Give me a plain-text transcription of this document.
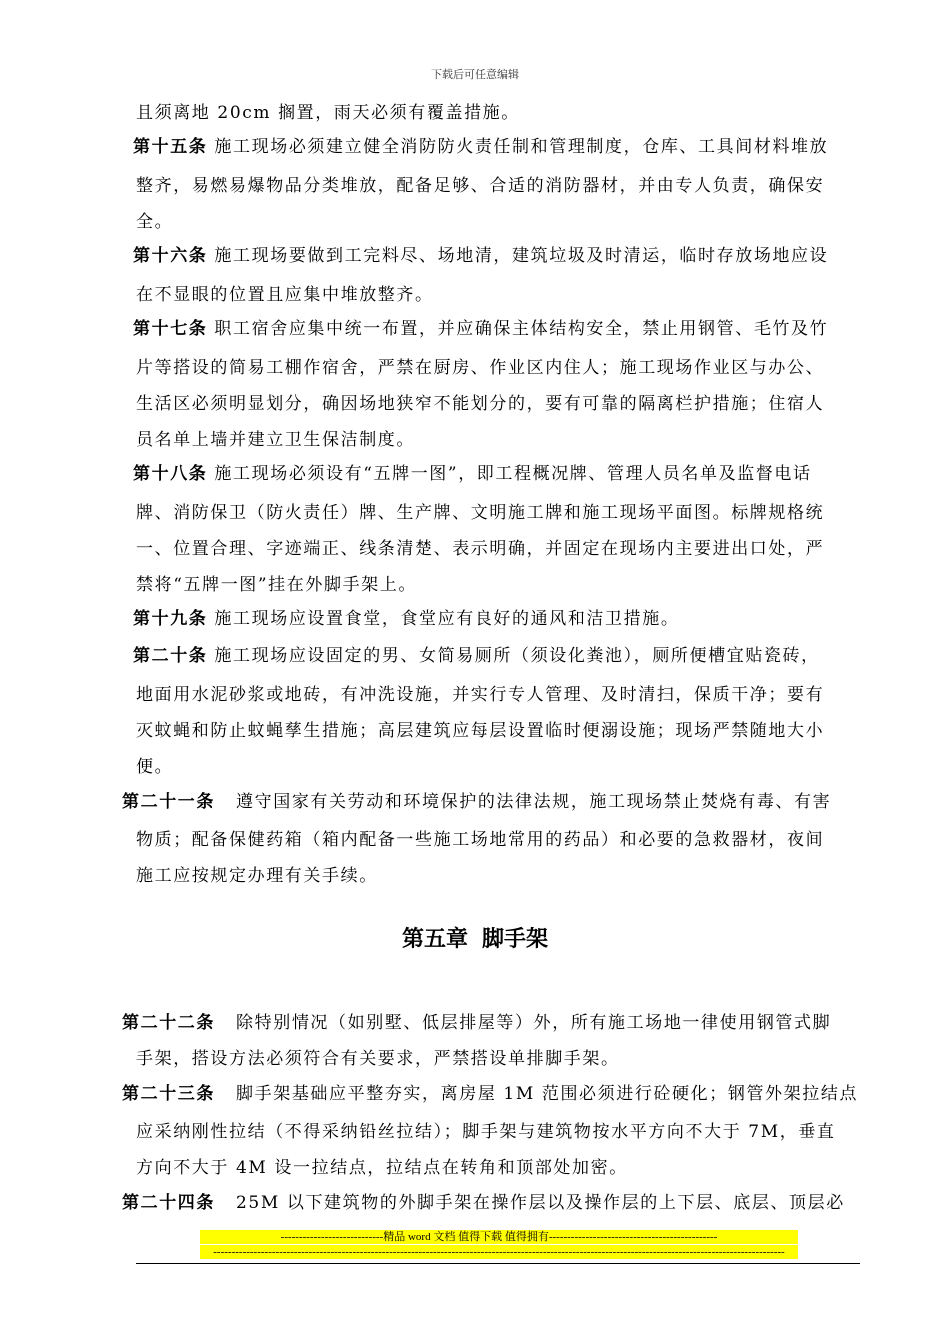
下载后可任意编辑
且须离地 20cm 搁置，雨天必须有覆盖措施。
第十五条 施工现场必须建立健全消防防火责任制和管理制度，仓库、工具间材料堆放
整齐，易燃易爆物品分类堆放，配备足够、合适的消防器材，并由专人负责，确保安
全。
第十六条 施工现场要做到工完料尽、场地清，建筑垃圾及时清运，临时存放场地应设
在不显眼的位置且应集中堆放整齐。
第十七条 职工宿舍应集中统一布置，并应确保主体结构安全，禁止用钢管、毛竹及竹
片等搭设的简易工棚作宿舍，严禁在厨房、作业区内住人；施工现场作业区与办公、
生活区必须明显划分，确因场地狭窄不能划分的，要有可靠的隔离栏护措施；住宿人
员名单上墙并建立卫生保洁制度。
第十八条 施工现场必须设有“五牌一图”，即工程概况牌、管理人员名单及监督电话
牌、消防保卫（防火责任）牌、生产牌、文明施工牌和施工现场平面图。标牌规格统
一、位置合理、字迹端正、线条清楚、表示明确，并固定在现场内主要进出口处，严
禁将“五牌一图”挂在外脚手架上。
第十九条 施工现场应设置食堂，食堂应有良好的通风和洁卫措施。
第二十条 施工现场应设固定的男、女简易厕所（须设化粪池），厕所便槽宜贴瓷砖，
地面用水泥砂浆或地砖，有冲洗设施，并实行专人管理、及时清扫，保质干净；要有
灭蚊蝇和防止蚊蝇孳生措施；高层建筑应每层设置临时便溺设施；现场严禁随地大小
便。
第二十一条 遵守国家有关劳动和环境保护的法律法规，施工现场禁止焚烧有毒、有害
物质；配备保健药箱（箱内配备一些施工场地常用的药品）和必要的急救器材，夜间
施工应按规定办理有关手续。
第五章 脚手架
第二十二条 除特别情况（如别墅、低层排屋等）外，所有施工场地一律使用钢管式脚
手架，搭设方法必须符合有关要求，严禁搭设单排脚手架。
第二十三条 脚手架基础应平整夯实，离房屋 1M 范围必须进行砼硬化；钢管外架拉结点
应采纳刚性拉结（不得采纳铅丝拉结）；脚手架与建筑物按水平方向不大于 7M，垂直
方向不大于 4M 设一拉结点，拉结点在转角和顶部处加密。
第二十四条 25M 以下建筑物的外脚手架在操作层以及操作层的上下层、底层、顶层必
----------------------------精品 word 文档 值得下载 值得拥有----------------------------------------------
------------------------------------------------------------------------------------------------------------------------------------------------------------
